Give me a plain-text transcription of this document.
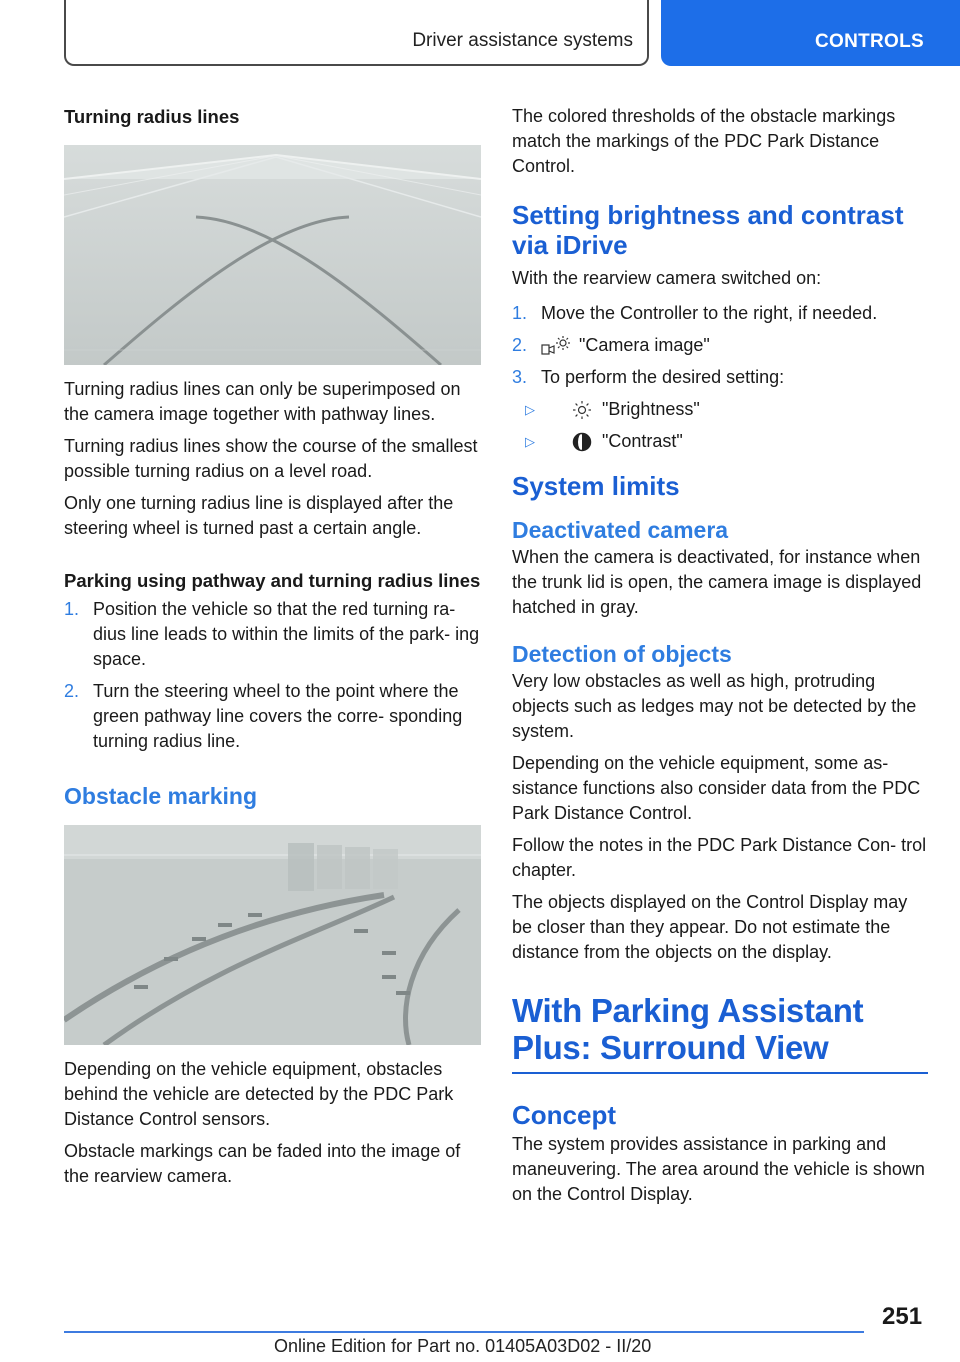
Driver assistance systems	CONTROLS
Turning radius lines

Turning radius lines can only be superimposed on the camera image together with pathway lines.

Turning radius lines show the course of the smallest possible turning radius on a level road.

Only one turning radius line is displayed after the steering wheel is turned past a certain angle.

Parking using pathway and turning radius lines
1. Position the vehicle so that the red turning ra‐ dius line leads to within the limits of the park‐ ing space.
2. Turn the steering wheel to the point where the green pathway line covers the corre‐ sponding turning radius line.
Obstacle marking

Depending on the vehicle equipment, obstacles behind the vehicle are detected by the PDC Park Distance Control sensors.

Obstacle markings can be faded into the image of the rearview camera.

The colored thresholds of the obstacle markings match the markings of the PDC Park Distance Control.

Setting brightness and contrast via iDrive

With the rearview camera switched on:

1. Move the Controller to the right, if needed.
2.	"Camera image"
3. To perform the desired setting:
▷	"Brightness"
▷	"Contrast"
System limits
Deactivated camera

When the camera is deactivated, for instance when the trunk lid is open, the camera image is displayed hatched in gray.

Detection of objects

Very low obstacles as well as high, protruding objects such as ledges may not be detected by the system.

Depending on the vehicle equipment, some as‐ sistance functions also consider data from the PDC Park Distance Control.

Follow the notes in the PDC Park Distance Con‐ trol chapter.

The objects displayed on the Control Display may be closer than they appear. Do not estimate the distance from the objects on the display.

With Parking Assistant Plus: Surround View
Concept

The system provides assistance in parking and maneuvering. The area around the vehicle is shown on the Control Display.

251
Online Edition for Part no. 01405A03D02 - II/20
